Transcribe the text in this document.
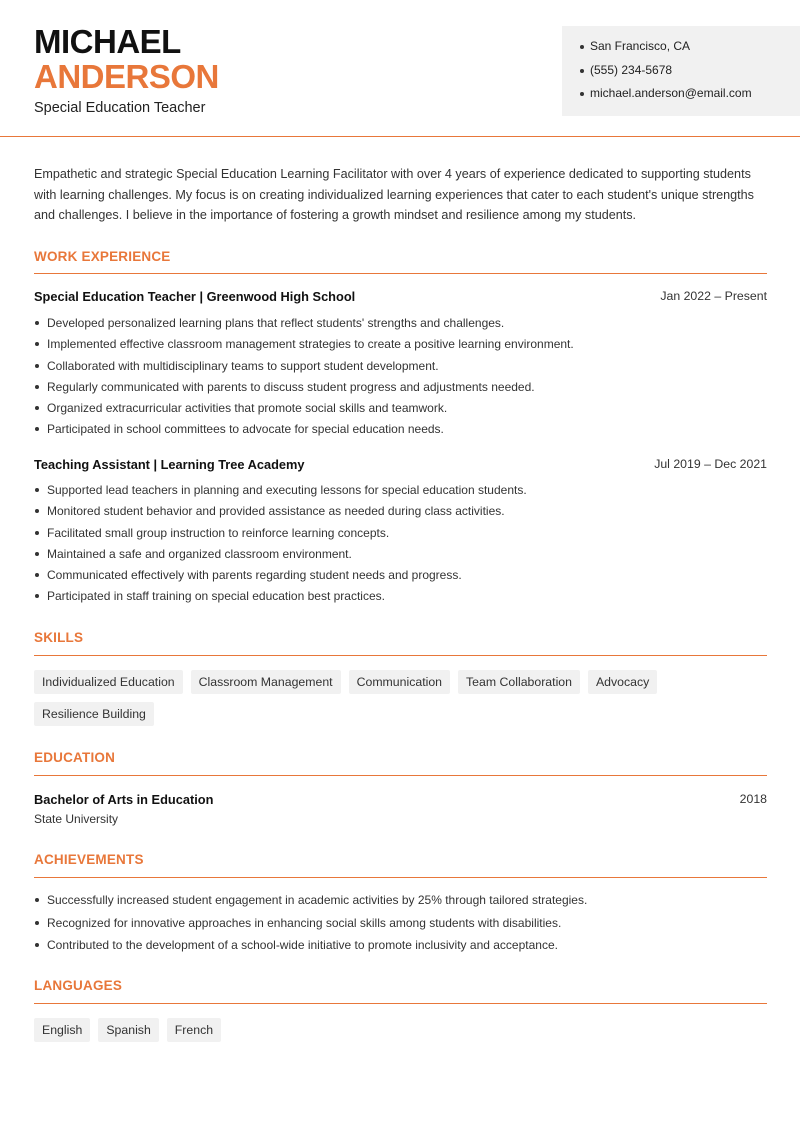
MICHAEL
ANDERSON
Special Education Teacher
San Francisco, CA
(555) 234-5678
michael.anderson@email.com
Empathetic and strategic Special Education Learning Facilitator with over 4 years of experience dedicated to supporting students with learning challenges. My focus is on creating individualized learning experiences that cater to each student's unique strengths and challenges. I believe in the importance of fostering a growth mindset and resilience among my students.
WORK EXPERIENCE
Special Education Teacher | Greenwood High School	Jan 2022 – Present
Developed personalized learning plans that reflect students' strengths and challenges.
Implemented effective classroom management strategies to create a positive learning environment.
Collaborated with multidisciplinary teams to support student development.
Regularly communicated with parents to discuss student progress and adjustments needed.
Organized extracurricular activities that promote social skills and teamwork.
Participated in school committees to advocate for special education needs.
Teaching Assistant | Learning Tree Academy	Jul 2019 – Dec 2021
Supported lead teachers in planning and executing lessons for special education students.
Monitored student behavior and provided assistance as needed during class activities.
Facilitated small group instruction to reinforce learning concepts.
Maintained a safe and organized classroom environment.
Communicated effectively with parents regarding student needs and progress.
Participated in staff training on special education best practices.
SKILLS
Individualized Education	Classroom Management	Communication	Team Collaboration	Advocacy
Resilience Building
EDUCATION
Bachelor of Arts in Education	2018
State University
ACHIEVEMENTS
Successfully increased student engagement in academic activities by 25% through tailored strategies.
Recognized for innovative approaches in enhancing social skills among students with disabilities.
Contributed to the development of a school-wide initiative to promote inclusivity and acceptance.
LANGUAGES
English	Spanish	French
